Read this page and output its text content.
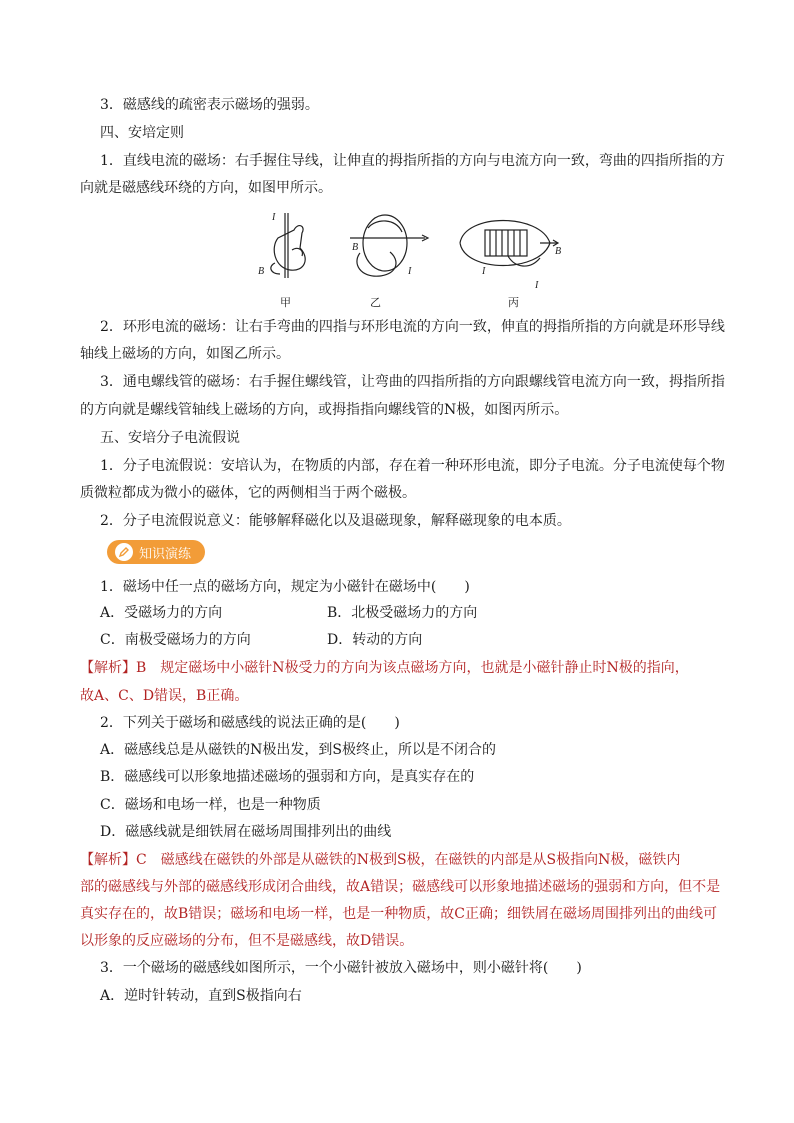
3．磁感线的疏密表示磁场的强弱。
四、安培定则
1．直线电流的磁场：右手握住导线，让伸直的拇指所指的方向与电流方向一致，弯曲的四指所指的方
向就是磁感线环绕的方向，如图甲所示。
I
B
B
I
B
I
I
甲	乙	丙
2．环形电流的磁场：让右手弯曲的四指与环形电流的方向一致，伸直的拇指所指的方向就是环形导线
轴线上磁场的方向，如图乙所示。
3．通电螺线管的磁场：右手握住螺线管，让弯曲的四指所指的方向跟螺线管电流方向一致，拇指所指
的方向就是螺线管轴线上磁场的方向，或拇指指向螺线管的N极，如图丙所示。
五、安培分子电流假说
1．分子电流假说：安培认为，在物质的内部，存在着一种环形电流，即分子电流。分子电流使每个物
质微粒都成为微小的磁体，它的两侧相当于两个磁极。
2．分子电流假说意义：能够解释磁化以及退磁现象，解释磁现象的电本质。
知识演练
1．磁场中任一点的磁场方向，规定为小磁针在磁场中(　　)
A．受磁场力的方向	B．北极受磁场力的方向
C．南极受磁场力的方向	D．转动的方向
【解析】B　规定磁场中小磁针N极受力的方向为该点磁场方向，也就是小磁针静止时N极的指向，
故A、C、D错误，B正确。
2．下列关于磁场和磁感线的说法正确的是(　　)
A．磁感线总是从磁铁的N极出发，到S极终止，所以是不闭合的
B．磁感线可以形象地描述磁场的强弱和方向，是真实存在的
C．磁场和电场一样，也是一种物质
D．磁感线就是细铁屑在磁场周围排列出的曲线
【解析】C　磁感线在磁铁的外部是从磁铁的N极到S极，在磁铁的内部是从S极指向N极，磁铁内
部的磁感线与外部的磁感线形成闭合曲线，故A错误；磁感线可以形象地描述磁场的强弱和方向，但不是
真实存在的，故B错误；磁场和电场一样，也是一种物质，故C正确；细铁屑在磁场周围排列出的曲线可
以形象的反应磁场的分布，但不是磁感线，故D错误。
3．一个磁场的磁感线如图所示，一个小磁针被放入磁场中，则小磁针将(　　)
A．逆时针转动，直到S极指向右
